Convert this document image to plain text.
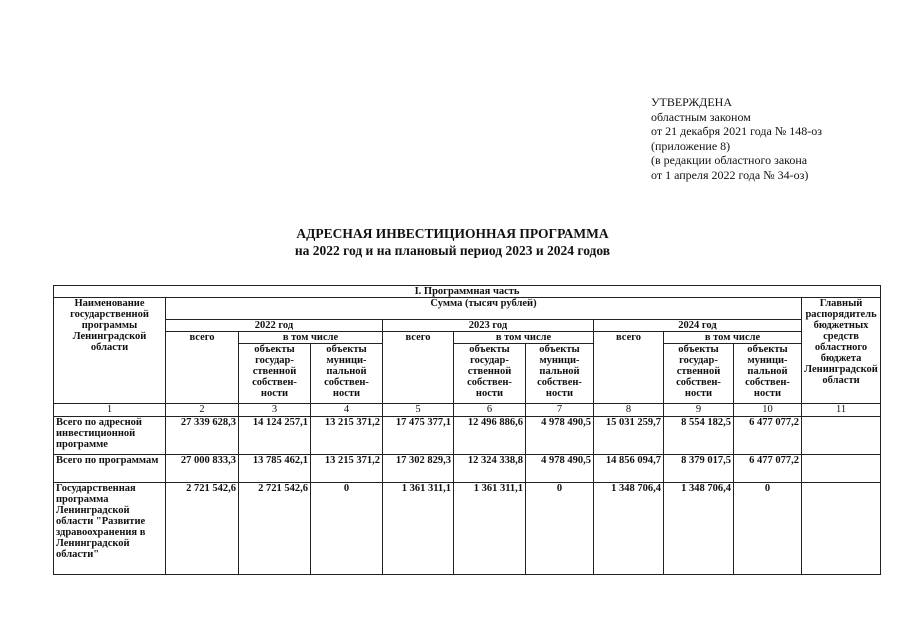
УТВЕРЖДЕНА
областным законом
от 21 декабря 2021 года № 148-оз
(приложение 8)
(в редакции областного закона
от 1 апреля 2022 года № 34-оз)
АДРЕСНАЯ ИНВЕСТИЦИОННАЯ ПРОГРАММА
на 2022 год и на плановый период 2023 и 2024 годов
I. Программная часть										
Наименование государственной программы Ленинградской области	Сумма (тысяч рублей)									Главный распорядитель бюджетных средств областного бюджета Ленинградской области
	2022 год			2023 год			2024 год			
	всего	в том числе		всего	в том числе		всего	в том числе		
		объекты государ-ственной собствен-ности	объекты муници-пальной собствен-ности		объекты государ-ственной собствен-ности	объекты муници-пальной собствен-ности		объекты государ-ственной собствен-ности	объекты муници-пальной собствен-ности	
1	2	3	4	5	6	7	8	9	10	11
Всего по адресной инвестиционной программе	27 339 628,3	14 124 257,1	13 215 371,2	17 475 377,1	12 496 886,6	4 978 490,5	15 031 259,7	8 554 182,5	6 477 077,2	
Всего по программам	27 000 833,3	13 785 462,1	13 215 371,2	17 302 829,3	12 324 338,8	4 978 490,5	14 856 094,7	8 379 017,5	6 477 077,2	
Государственная программа Ленинградской области "Развитие здравоохранения в Ленинградской области"	2 721 542,6	2 721 542,6	0	1 361 311,1	1 361 311,1	0	1 348 706,4	1 348 706,4	0	
